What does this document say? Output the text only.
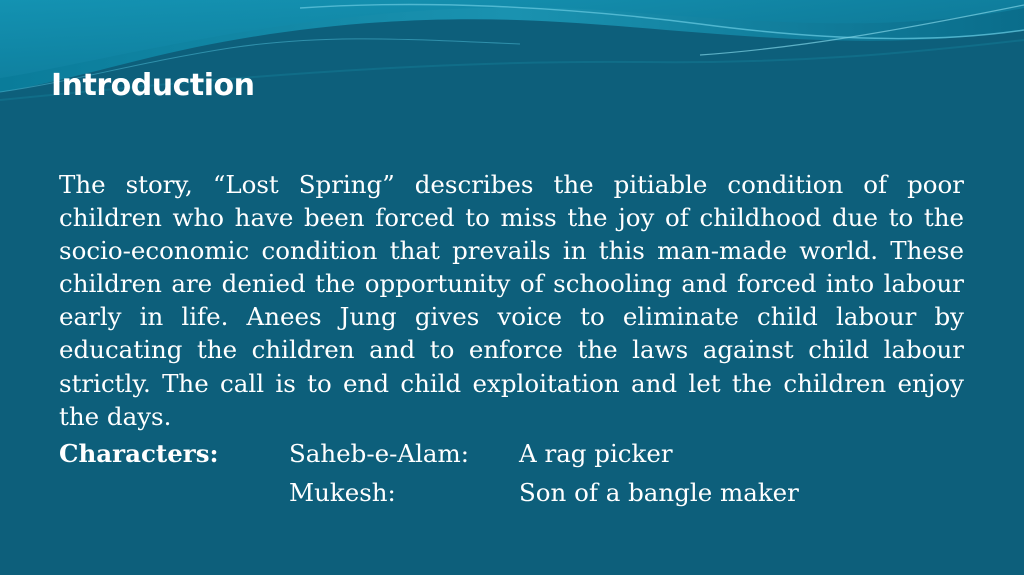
Introduction

The story, “Lost Spring” describes the pitiable condition of poor children who have been forced to miss the joy of childhood due to the socio-economic condition that prevails in this man-made world. These children are denied the opportunity of schooling and forced into labour early in life. Anees Jung gives voice to eliminate child labour by educating the children and to enforce the laws against child labour strictly. The call is to end child exploitation and let the children enjoy the days.

Characters:	Saheb-e-Alam: A rag picker
Mukesh:	Son of a bangle maker
